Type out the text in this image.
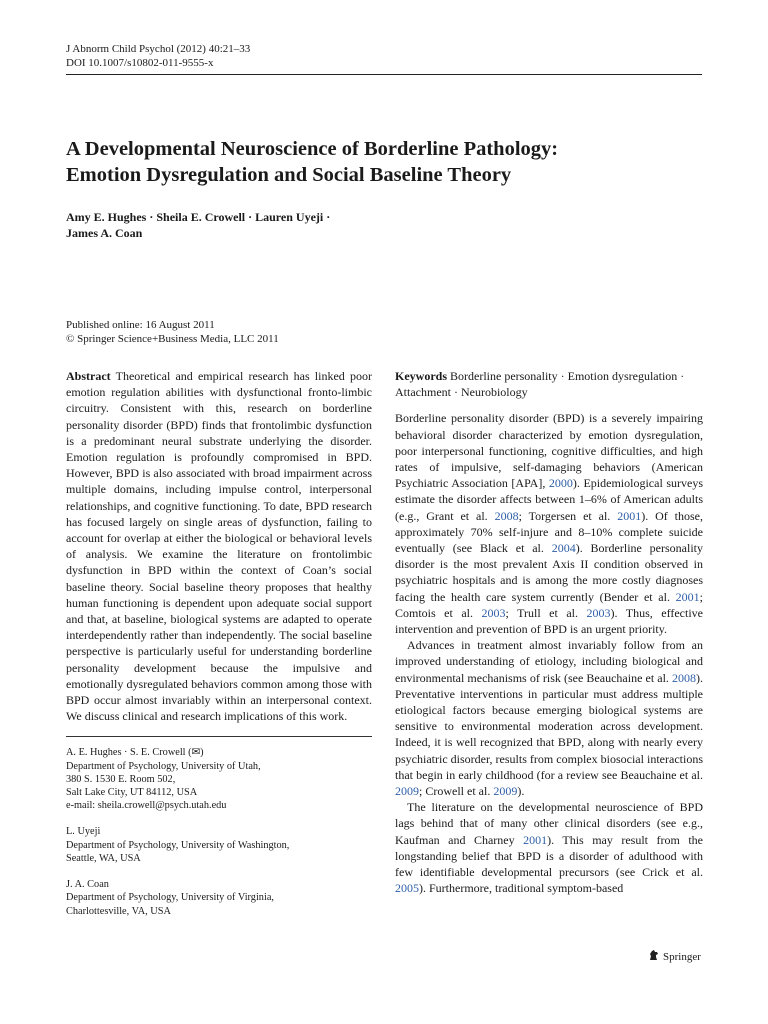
J Abnorm Child Psychol (2012) 40:21–33
DOI 10.1007/s10802-011-9555-x
A Developmental Neuroscience of Borderline Pathology:
Emotion Dysregulation and Social Baseline Theory
Amy E. Hughes · Sheila E. Crowell · Lauren Uyeji ·
James A. Coan
Published online: 16 August 2011
© Springer Science+Business Media, LLC 2011

Abstract Theoretical and empirical research has linked poor emotion regulation abilities with dysfunctional fronto-limbic circuitry. Consistent with this, research on borderline personality disorder (BPD) finds that frontolimbic dysfunction is a predominant neural substrate underlying the disorder. Emotion regulation is profoundly compromised in BPD. However, BPD is also associated with broad impairment across multiple domains, including impulse control, interpersonal relationships, and cognitive functioning. To date, BPD research has focused largely on single areas of dysfunction, failing to account for overlap at either the biological or behavioral levels of analysis. We examine the literature on frontolimbic dysfunction in BPD within the context of Coan’s social baseline theory. Social baseline theory proposes that healthy human functioning is dependent upon adequate social support and that, at baseline, biological systems are adapted to operate interdependently rather than independently. The social baseline perspective is particularly useful for understanding borderline personality development because the impulsive and emotionally dysregulated behaviors common among those with BPD occur almost invariably within an interpersonal context. We discuss clinical and research implications of this work.

A. E. Hughes · S. E. Crowell (✉)
Department of Psychology, University of Utah,
380 S. 1530 E. Room 502,
Salt Lake City, UT 84112, USA
e-mail: sheila.crowell@psych.utah.edu

L. Uyeji
Department of Psychology, University of Washington,
Seattle, WA, USA

J. A. Coan
Department of Psychology, University of Virginia,
Charlottesville, VA, USA

Keywords Borderline personality · Emotion dysregulation · Attachment · Neurobiology

Borderline personality disorder (BPD) is a severely impairing behavioral disorder characterized by emotion dysregulation, poor interpersonal functioning, cognitive difficulties, and high rates of impulsive, self-damaging behaviors (American Psychiatric Association [APA], 2000). Epidemiological surveys estimate the disorder affects between 1–6% of American adults (e.g., Grant et al. 2008; Torgersen et al. 2001). Of those, approximately 70% self-injure and 8–10% complete suicide eventually (see Black et al. 2004). Borderline personality disorder is the most prevalent Axis II condition observed in psychiatric hospitals and is among the more costly diagnoses facing the health care system currently (Bender et al. 2001; Comtois et al. 2003; Trull et al. 2003). Thus, effective intervention and prevention of BPD is an urgent priority.

Advances in treatment almost invariably follow from an improved understanding of etiology, including biological and environmental mechanisms of risk (see Beauchaine et al. 2008). Preventative interventions in particular must address multiple etiological factors because emerging biological systems are sensitive to environmental moderation across development. Indeed, it is well recognized that BPD, along with nearly every psychiatric disorder, results from complex biosocial interactions that begin in early childhood (for a review see Beauchaine et al. 2009; Crowell et al. 2009).

The literature on the developmental neuroscience of BPD lags behind that of many other clinical disorders (see e.g., Kaufman and Charney 2001). This may result from the longstanding belief that BPD is a disorder of adulthood with few identifiable developmental precursors (see Crick et al. 2005). Furthermore, traditional symptom-based

Springer
